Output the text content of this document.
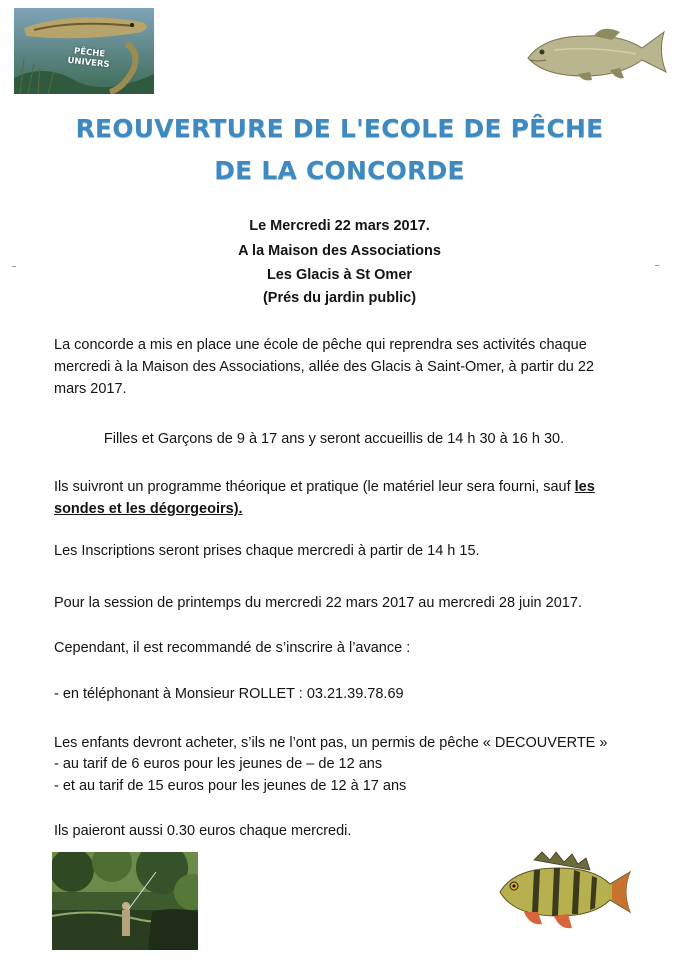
PÊCHE UNIVERS
REOUVERTURE DE L'ECOLE DE PÊCHE
DE LA CONCORDE
Le Mercredi 22 mars 2017.
A la Maison des Associations
Les Glacis à St Omer
(Prés du jardin public)
La concorde a mis en place une école de pêche qui reprendra ses activités chaque mercredi à la Maison des Associations, allée des Glacis à Saint-Omer, à partir du 22 mars 2017.
Filles et Garçons de 9 à 17 ans y seront accueillis de 14 h 30 à 16 h 30.
Ils suivront un programme théorique et pratique (le matériel leur sera fourni, sauf les sondes et les dégorgeoirs).
Les Inscriptions seront prises chaque mercredi à partir de 14 h 15.
Pour la session de printemps du mercredi 22 mars 2017 au mercredi 28 juin 2017.
Cependant, il est recommandé de s’inscrire à l’avance :
- en téléphonant à Monsieur ROLLET : 03.21.39.78.69
Les enfants devront acheter, s’ils ne l’ont pas, un permis de pêche « DECOUVERTE »
- au tarif de 6 euros pour les jeunes de – de 12 ans
- et au tarif de 15 euros pour les jeunes de 12 à 17 ans
Ils paieront aussi 0.30 euros chaque mercredi.
